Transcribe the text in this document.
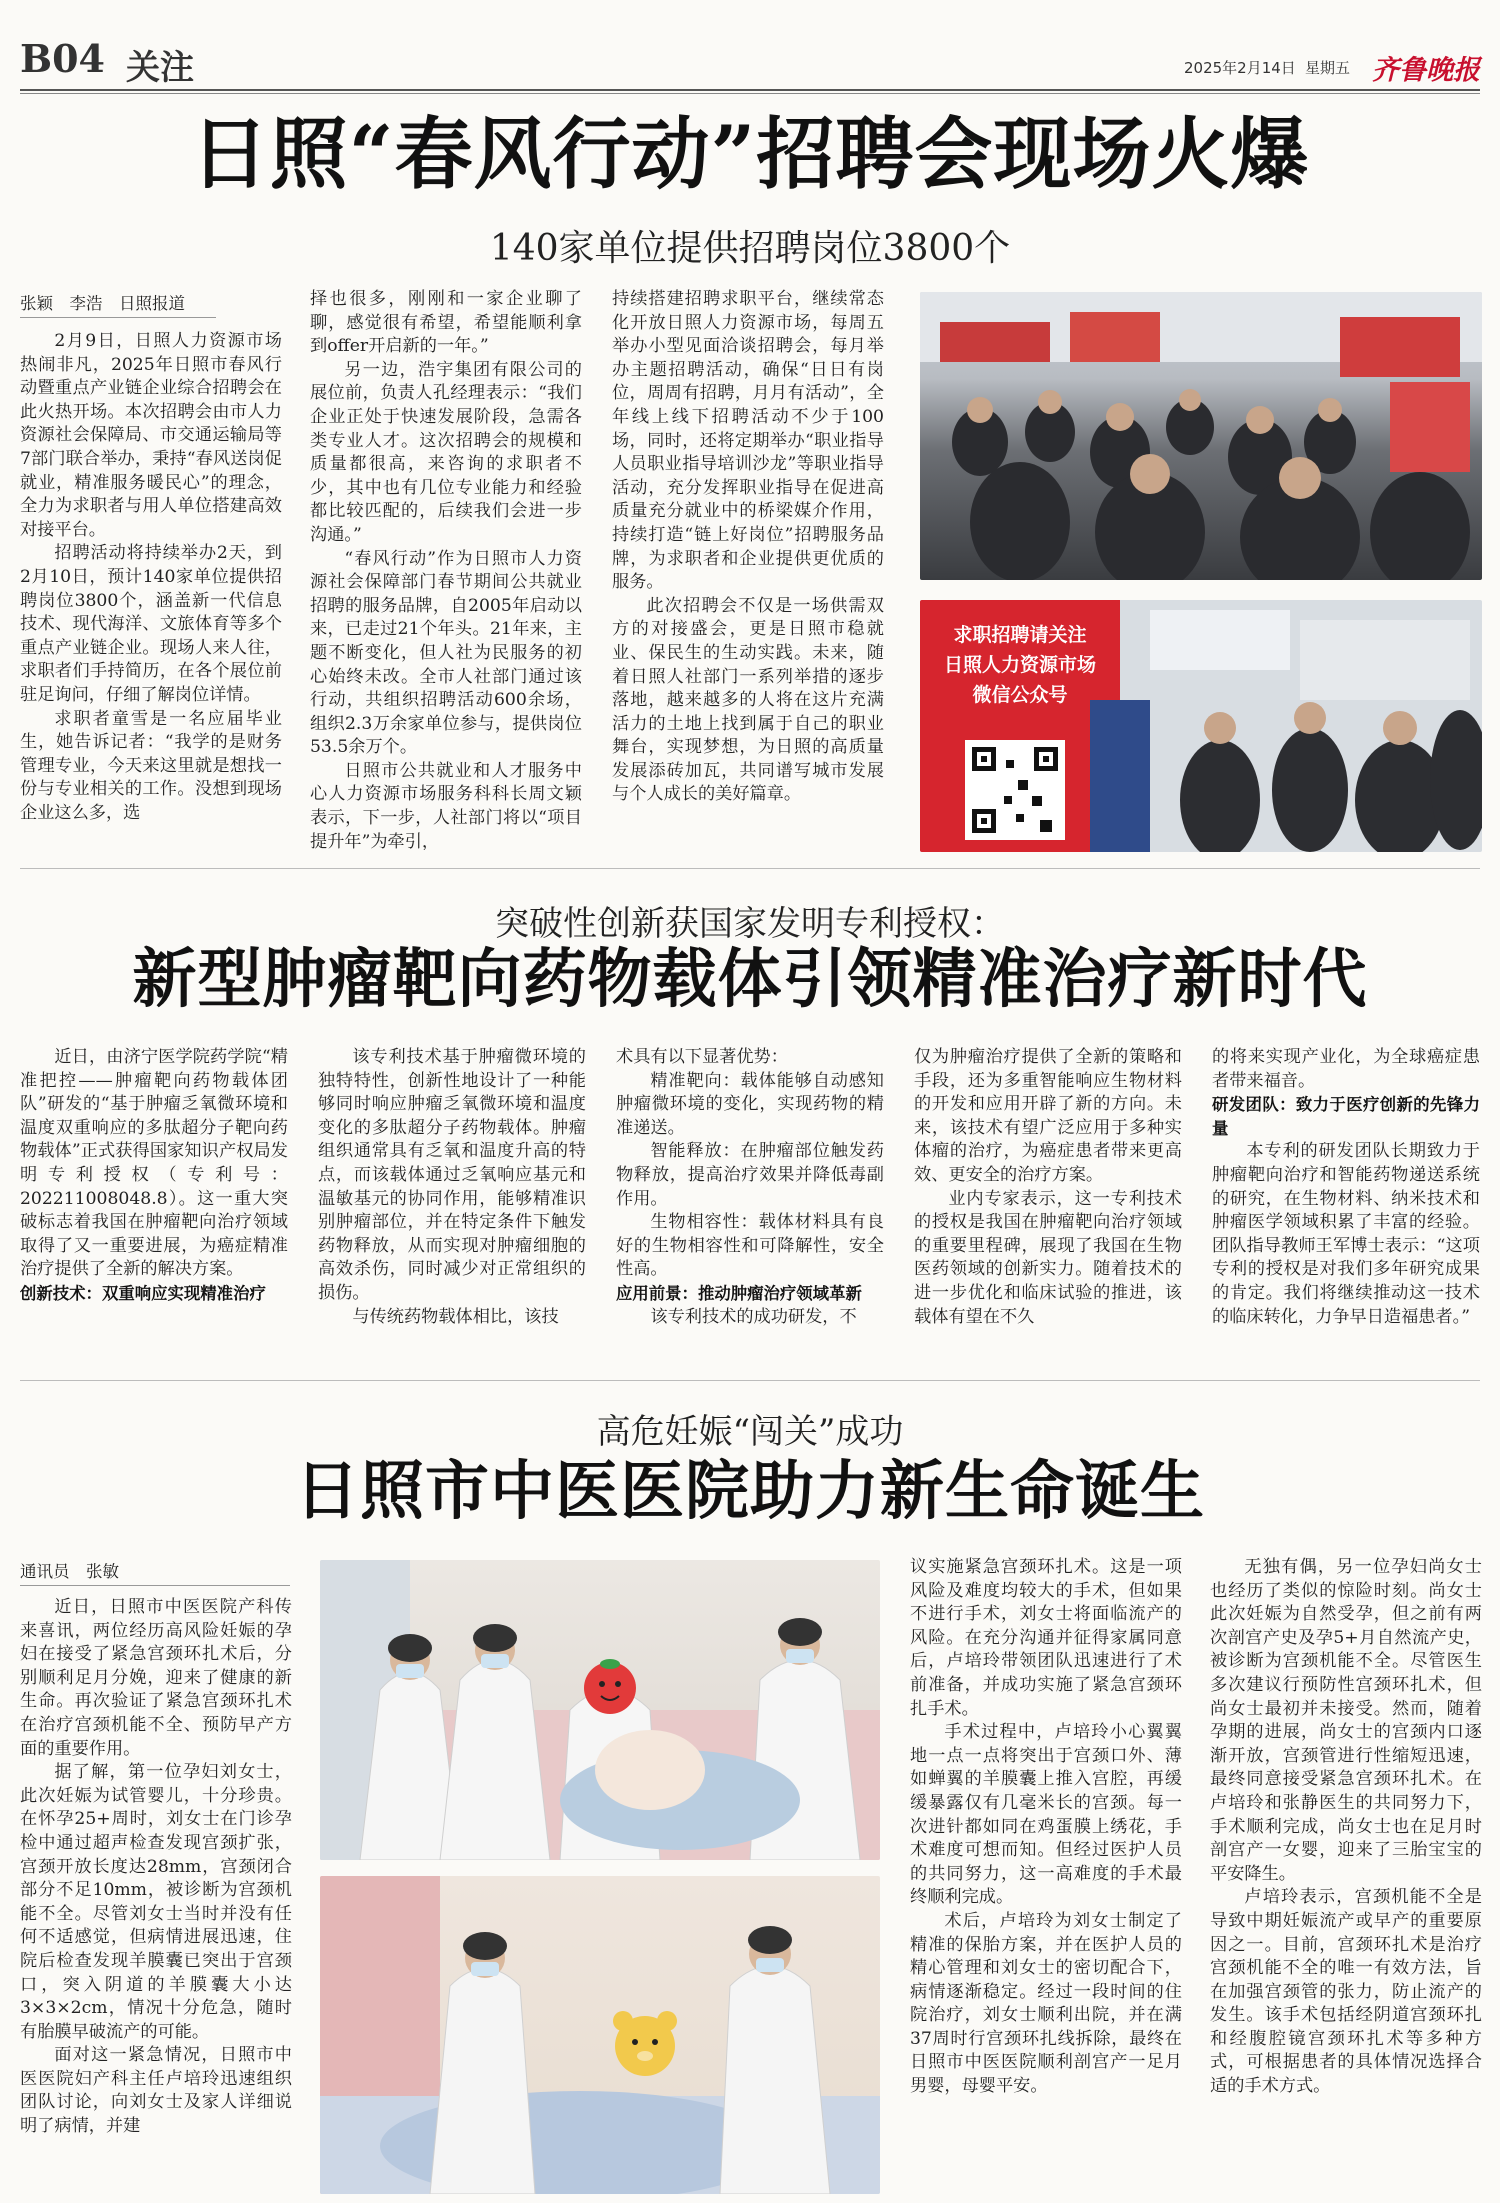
B04 关注	2025年2月14日 星期五 齐鲁晚报
日照“春风行动”招聘会现场火爆
140家单位提供招聘岗位3800个
张颖　李浩　日照报道

2月9日，日照人力资源市场热闹非凡，2025年日照市春风行动暨重点产业链企业综合招聘会在此火热开场。本次招聘会由市人力资源社会保障局、市交通运输局等7部门联合举办，秉持“春风送岗促就业，精准服务暖民心”的理念，全力为求职者与用人单位搭建高效对接平台。

招聘活动将持续举办2天，到2月10日，预计140家单位提供招聘岗位3800个，涵盖新一代信息技术、现代海洋、文旅体育等多个重点产业链企业。现场人来人往，求职者们手持简历，在各个展位前驻足询问，仔细了解岗位详情。

求职者童雪是一名应届毕业生，她告诉记者：“我学的是财务管理专业，今天来这里就是想找一份与专业相关的工作。没想到现场企业这么多，选

择也很多，刚刚和一家企业聊了聊，感觉很有希望，希望能顺利拿到offer开启新的一年。”

另一边，浩宇集团有限公司的展位前，负责人孔经理表示：“我们企业正处于快速发展阶段，急需各类专业人才。这次招聘会的规模和质量都很高，来咨询的求职者不少，其中也有几位专业能力和经验都比较匹配的，后续我们会进一步沟通。”

“春风行动”作为日照市人力资源社会保障部门春节期间公共就业招聘的服务品牌，自2005年启动以来，已走过21个年头。21年来，主题不断变化，但人社为民服务的初心始终未改。全市人社部门通过该行动，共组织招聘活动600余场，组织2.3万余家单位参与，提供岗位53.5余万个。

日照市公共就业和人才服务中心人力资源市场服务科科长周文颖表示，下一步，人社部门将以“项目提升年”为牵引，

持续搭建招聘求职平台，继续常态化开放日照人力资源市场，每周五举办小型见面洽谈招聘会，每月举办主题招聘活动，确保“日日有岗位，周周有招聘，月月有活动”，全年线上线下招聘活动不少于100场，同时，还将定期举办“职业指导人员职业指导培训沙龙”等职业指导活动，充分发挥职业指导在促进高质量充分就业中的桥梁媒介作用，持续打造“链上好岗位”招聘服务品牌，为求职者和企业提供更优质的服务。

此次招聘会不仅是一场供需双方的对接盛会，更是日照市稳就业、保民生的生动实践。未来，随着日照人社部门一系列举措的逐步落地，越来越多的人将在这片充满活力的土地上找到属于自己的职业舞台，实现梦想，为日照的高质量发展添砖加瓦，共同谱写城市发展与个人成长的美好篇章。

求职招聘请关注
日照人力资源市场
微信公众号
突破性创新获国家发明专利授权：
新型肿瘤靶向药物载体引领精准治疗新时代

近日，由济宁医学院药学院“精准把控——肿瘤靶向药物载体团队”研发的“基于肿瘤乏氧微环境和温度双重响应的多肽超分子靶向药物载体”正式获得国家知识产权局发明专利授权（专利号：202211008048.8）。这一重大突破标志着我国在肿瘤靶向治疗领域取得了又一重要进展，为癌症精准治疗提供了全新的解决方案。

创新技术：双重响应实现精准治疗

该专利技术基于肿瘤微环境的独特特性，创新性地设计了一种能够同时响应肿瘤乏氧微环境和温度变化的多肽超分子药物载体。肿瘤组织通常具有乏氧和温度升高的特点，而该载体通过乏氧响应基元和温敏基元的协同作用，能够精准识别肿瘤部位，并在特定条件下触发药物释放，从而实现对肿瘤细胞的高效杀伤，同时减少对正常组织的损伤。

与传统药物载体相比，该技

术具有以下显著优势：

精准靶向：载体能够自动感知肿瘤微环境的变化，实现药物的精准递送。

智能释放：在肿瘤部位触发药物释放，提高治疗效果并降低毒副作用。

生物相容性：载体材料具有良好的生物相容性和可降解性，安全性高。

应用前景：推动肿瘤治疗领域革新

该专利技术的成功研发，不

仅为肿瘤治疗提供了全新的策略和手段，还为多重智能响应生物材料的开发和应用开辟了新的方向。未来，该技术有望广泛应用于多种实体瘤的治疗，为癌症患者带来更高效、更安全的治疗方案。

业内专家表示，这一专利技术的授权是我国在肿瘤靶向治疗领域的重要里程碑，展现了我国在生物医药领域的创新实力。随着技术的进一步优化和临床试验的推进，该载体有望在不久

的将来实现产业化，为全球癌症患者带来福音。

研发团队：致力于医疗创新的先锋力量

本专利的研发团队长期致力于肿瘤靶向治疗和智能药物递送系统的研究，在生物材料、纳米技术和肿瘤医学领域积累了丰富的经验。团队指导教师王军博士表示：“这项专利的授权是对我们多年研究成果的肯定。我们将继续推动这一技术的临床转化，力争早日造福患者。”

高危妊娠“闯关”成功
日照市中医医院助力新生命诞生
通讯员　张敏

近日，日照市中医医院产科传来喜讯，两位经历高风险妊娠的孕妇在接受了紧急宫颈环扎术后，分别顺利足月分娩，迎来了健康的新生命。再次验证了紧急宫颈环扎术在治疗宫颈机能不全、预防早产方面的重要作用。

据了解，第一位孕妇刘女士，此次妊娠为试管婴儿，十分珍贵。在怀孕25+周时，刘女士在门诊孕检中通过超声检查发现宫颈扩张，宫颈开放长度达28mm，宫颈闭合部分不足10mm，被诊断为宫颈机能不全。尽管刘女士当时并没有任何不适感觉，但病情进展迅速，住院后检查发现羊膜囊已突出于宫颈口，突入阴道的羊膜囊大小达3×3×2cm，情况十分危急，随时有胎膜早破流产的可能。

面对这一紧急情况，日照市中医医院妇产科主任卢培玲迅速组织团队讨论，向刘女士及家人详细说明了病情，并建

议实施紧急宫颈环扎术。这是一项风险及难度均较大的手术，但如果不进行手术，刘女士将面临流产的风险。在充分沟通并征得家属同意后，卢培玲带领团队迅速进行了术前准备，并成功实施了紧急宫颈环扎手术。

手术过程中，卢培玲小心翼翼地一点一点将突出于宫颈口外、薄如蝉翼的羊膜囊上推入宫腔，再缓缓暴露仅有几毫米长的宫颈。每一次进针都如同在鸡蛋膜上绣花，手术难度可想而知。但经过医护人员的共同努力，这一高难度的手术最终顺利完成。

术后，卢培玲为刘女士制定了精准的保胎方案，并在医护人员的精心管理和刘女士的密切配合下，病情逐渐稳定。经过一段时间的住院治疗，刘女士顺利出院，并在满37周时行宫颈环扎线拆除，最终在日照市中医医院顺利剖宫产一足月男婴，母婴平安。

无独有偶，另一位孕妇尚女士也经历了类似的惊险时刻。尚女士此次妊娠为自然受孕，但之前有两次剖宫产史及孕5+月自然流产史，被诊断为宫颈机能不全。尽管医生多次建议行预防性宫颈环扎术，但尚女士最初并未接受。然而，随着孕期的进展，尚女士的宫颈内口逐渐开放，宫颈管进行性缩短迅速，最终同意接受紧急宫颈环扎术。在卢培玲和张静医生的共同努力下，手术顺利完成，尚女士也在足月时剖宫产一女婴，迎来了三胎宝宝的平安降生。

卢培玲表示，宫颈机能不全是导致中期妊娠流产或早产的重要原因之一。目前，宫颈环扎术是治疗宫颈机能不全的唯一有效方法，旨在加强宫颈管的张力，防止流产的发生。该手术包括经阴道宫颈环扎和经腹腔镜宫颈环扎术等多种方式，可根据患者的具体情况选择合适的手术方式。
